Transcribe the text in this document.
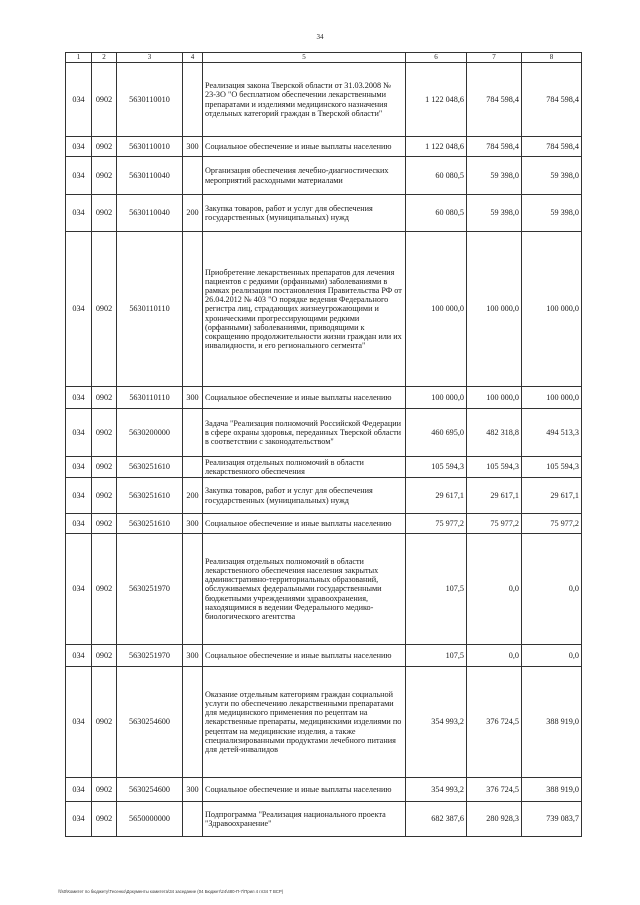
34
1	2	3	4	5	6	7	8
034	0902	5630110010		Реализация закона Тверской области от 31.03.2008 № 23-ЗО "О бесплатном обеспечении лекарственными препаратами и изделиями медицинского назначения отдельных категорий граждан в Тверской области"	1 122 048,6	784 598,4	784 598,4
034	0902	5630110010	300	Социальное обеспечение и иные выплаты населению	1 122 048,6	784 598,4	784 598,4
034	0902	5630110040		Организация обеспечения лечебно-диагностических мероприятий расходными материалами	60 080,5	59 398,0	59 398,0
034	0902	5630110040	200	Закупка товаров, работ и услуг для обеспечения государственных (муниципальных) нужд	60 080,5	59 398,0	59 398,0
034	0902	5630110110		Приобретение лекарственных препаратов для лечения пациентов с редкими (орфанными) заболеваниями в рамках реализации постановления Правительства РФ от 26.04.2012 № 403 "О порядке ведения Федерального регистра лиц, страдающих жизнеугрожающими и хроническими прогрессирующими редкими (орфанными) заболеваниями, приводящими к сокращению продолжительности жизни граждан или их инвалидности, и его регионального сегмента"	100 000,0	100 000,0	100 000,0
034	0902	5630110110	300	Социальное обеспечение и иные выплаты населению	100 000,0	100 000,0	100 000,0
034	0902	5630200000		Задача "Реализация полномочий Российской Федерации в сфере охраны здоровья, переданных Тверской области в соответствии с законодательством"	460 695,0	482 318,8	494 513,3
034	0902	5630251610		Реализация отдельных полномочий в области лекарственного обеспечения	105 594,3	105 594,3	105 594,3
034	0902	5630251610	200	Закупка товаров, работ и услуг для обеспечения государственных (муниципальных) нужд	29 617,1	29 617,1	29 617,1
034	0902	5630251610	300	Социальное обеспечение и иные выплаты населению	75 977,2	75 977,2	75 977,2
034	0902	5630251970		Реализация отдельных полномочий в области лекарственного обеспечения населения закрытых административно-территориальных образований, обслуживаемых федеральными государственными бюджетными учреждениями здравоохранения, находящимися в ведении Федерального медико-биологического агентства	107,5	0,0	0,0
034	0902	5630251970	300	Социальное обеспечение и иные выплаты населению	107,5	0,0	0,0
034	0902	5630254600		Оказание отдельным категориям граждан социальной услуги по обеспечению лекарственными препаратами для медицинского применения по рецептам на лекарственные препараты, медицинскими изделиями по рецептам на медицинские изделия, а также специализированными продуктами лечебного питания для детей-инвалидов	354 993,2	376 724,5	388 919,0
034	0902	5630254600	300	Социальное обеспечение и иные выплаты населению	354 993,2	376 724,5	388 919,0
034	0902	5650000000		Подпрограмма "Реализация национального проекта "Здравоохранение"	682 387,6	280 928,3	739 083,7
\\fs0\Комитет по бюджету\Тесенко\Документы комитета\34 заседание (04 Бюджет\24\480-П-7\Прил 4 гл34 Т ВСР)
